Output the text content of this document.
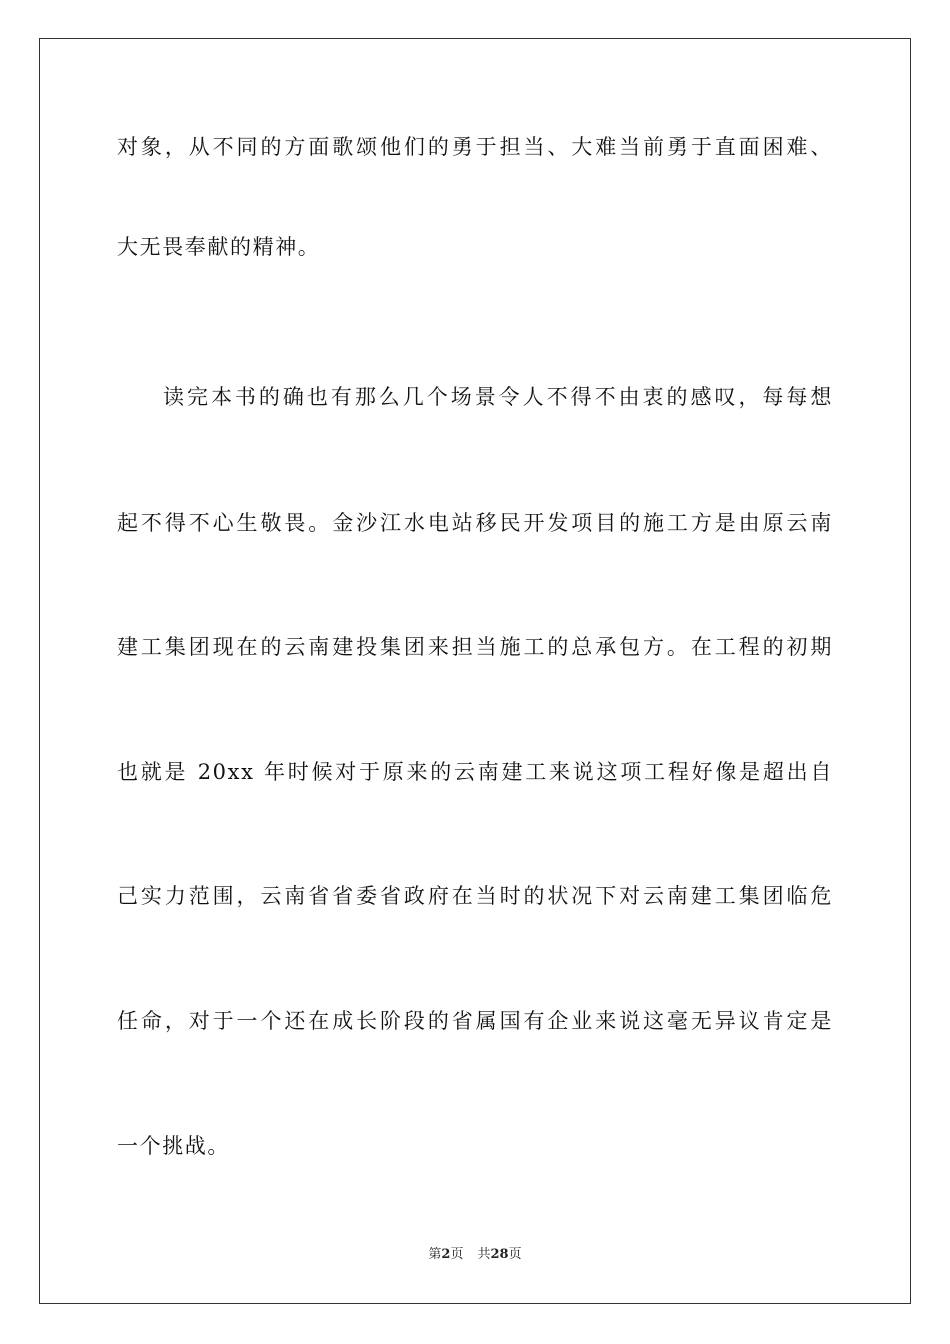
对象，从不同的方面歌颂他们的勇于担当、大难当前勇于直面困难、
大无畏奉献的精神。
读完本书的确也有那么几个场景令人不得不由衷的感叹，每每想
起不得不心生敬畏。金沙江水电站移民开发项目的施工方是由原云南
建工集团现在的云南建投集团来担当施工的总承包方。在工程的初期
也就是 20xx 年时候对于原来的云南建工来说这项工程好像是超出自
己实力范围，云南省省委省政府在当时的状况下对云南建工集团临危
任命，对于一个还在成长阶段的省属国有企业来说这毫无异议肯定是
一个挑战。
第2页 共28页
